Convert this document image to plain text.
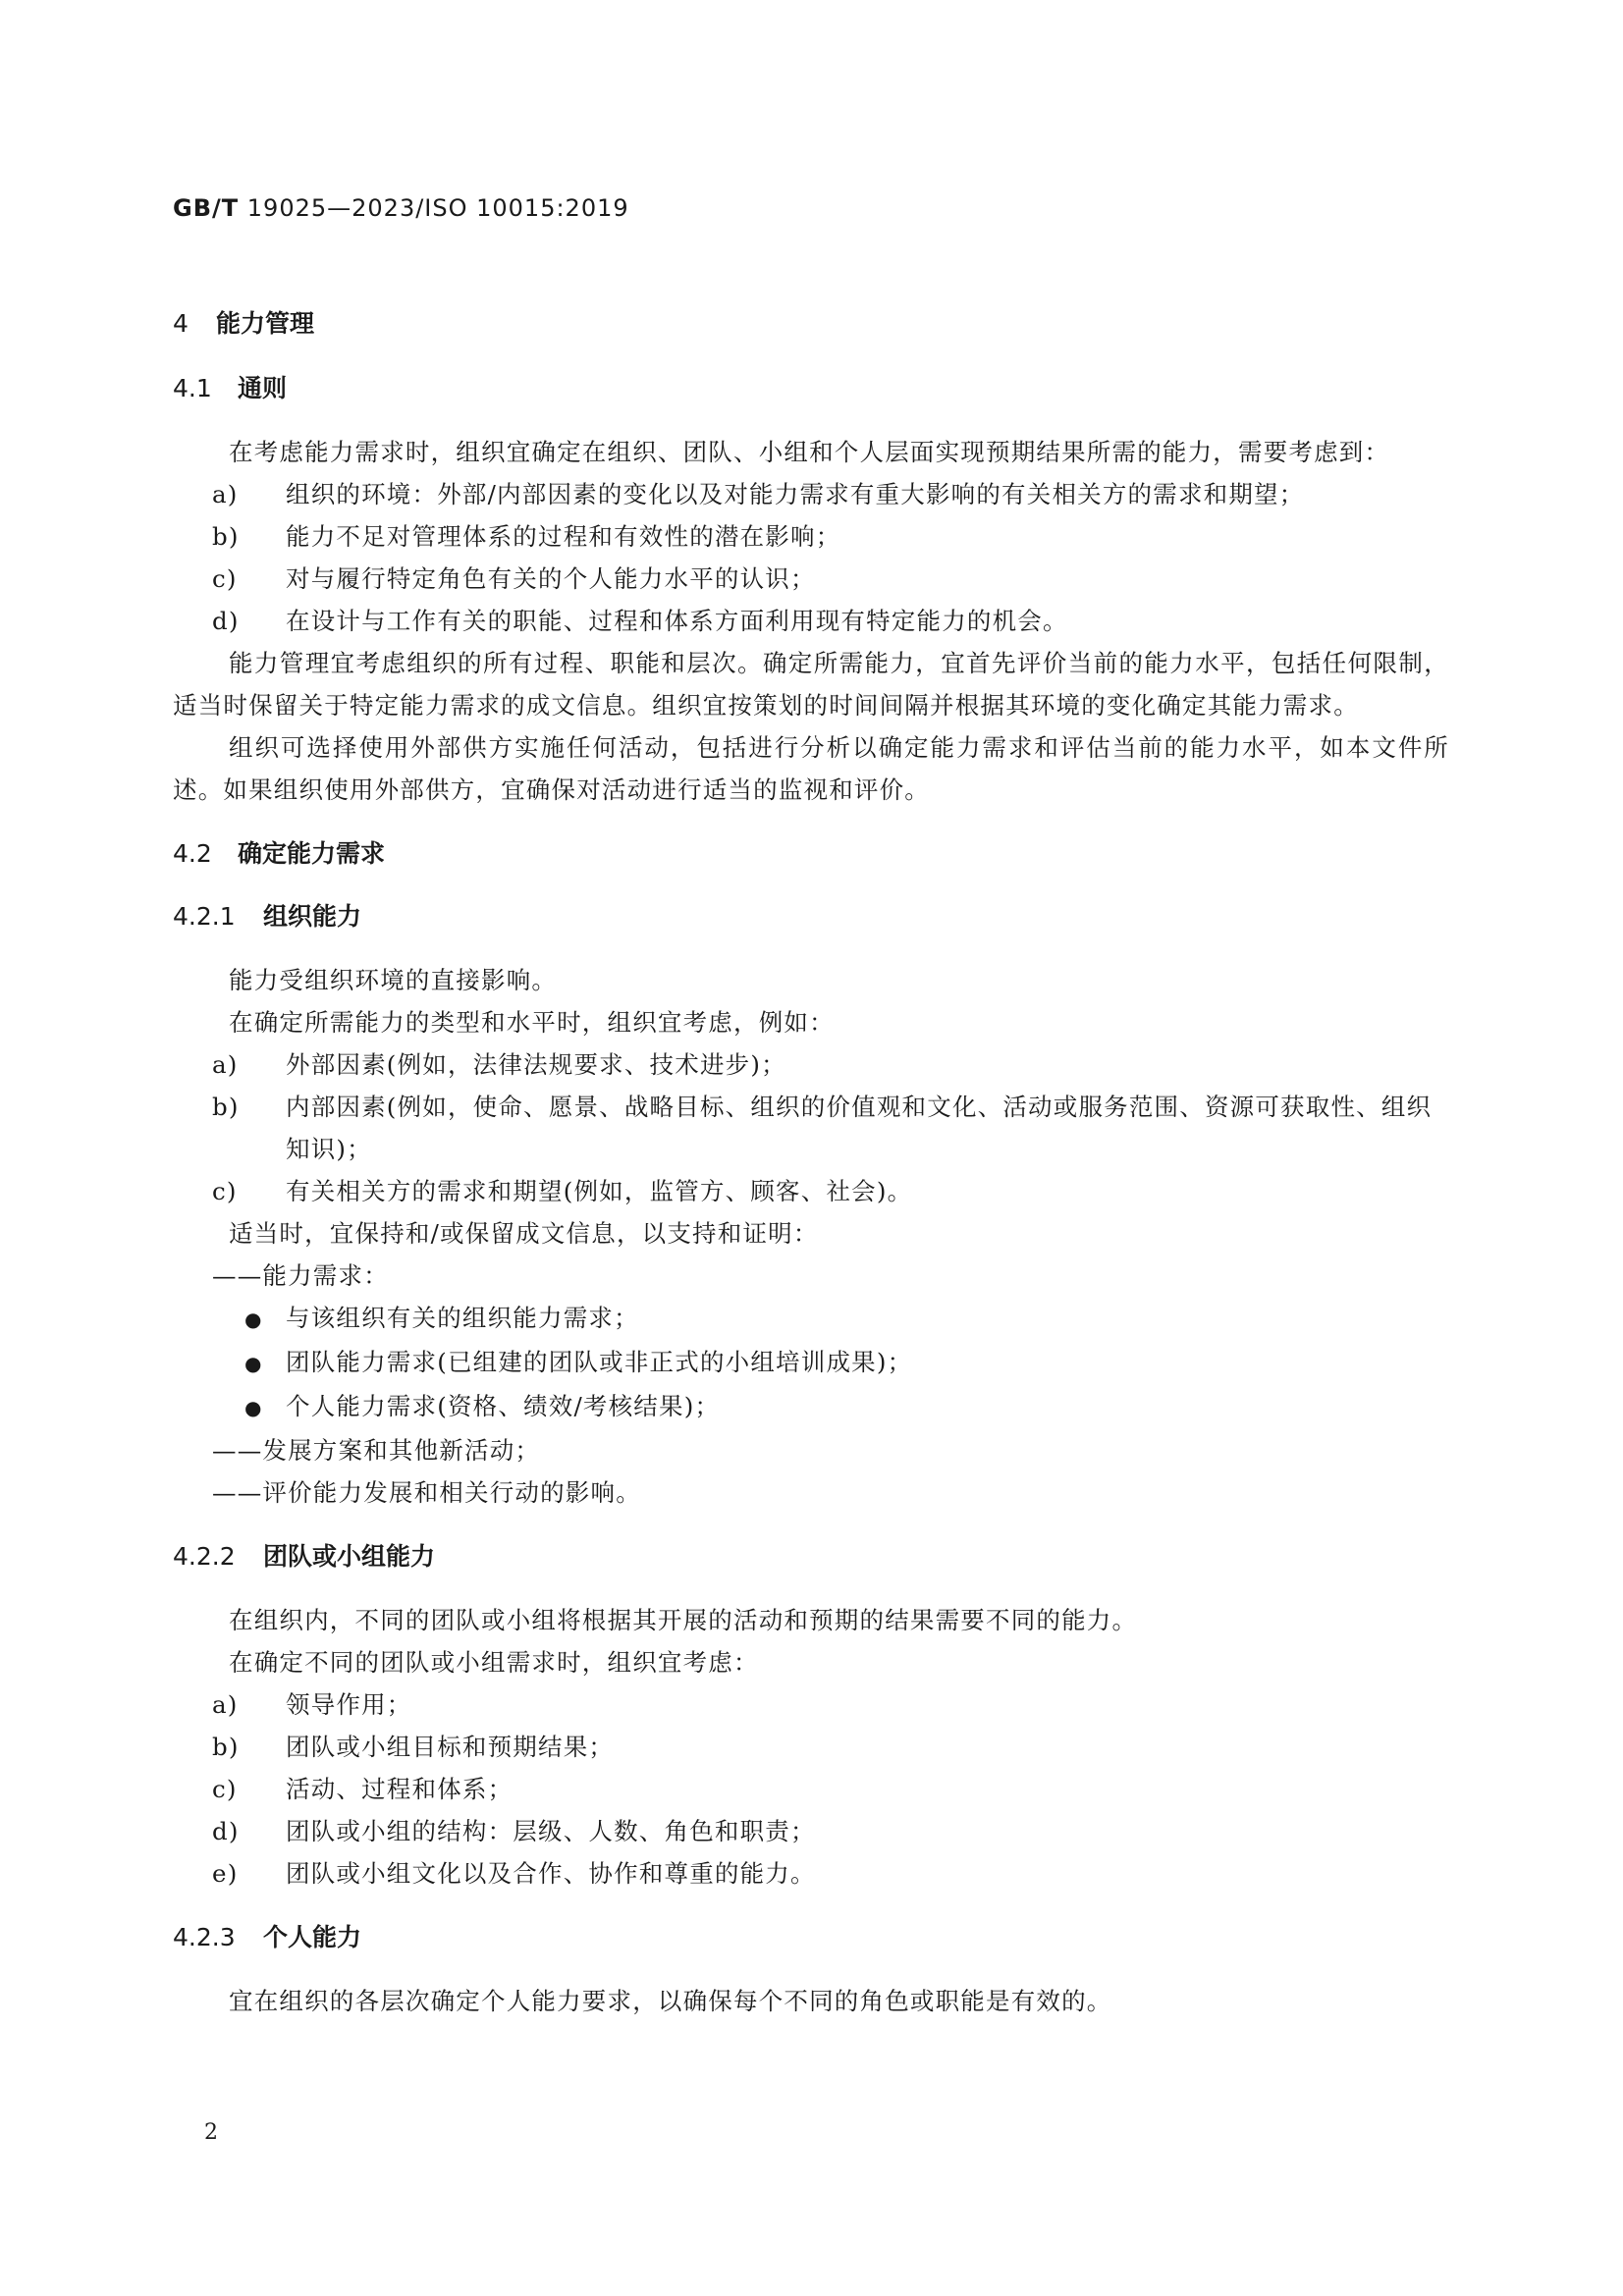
GB/T 19025—2023/ISO 10015:2019
4 能力管理
4.1 通则

在考虑能力需求时，组织宜确定在组织、团队、小组和个人层面实现预期结果所需的能力，需要考虑到：

a) 组织的环境：外部/内部因素的变化以及对能力需求有重大影响的有关相关方的需求和期望；

b) 能力不足对管理体系的过程和有效性的潜在影响；

c) 对与履行特定角色有关的个人能力水平的认识；

d) 在设计与工作有关的职能、过程和体系方面利用现有特定能力的机会。

能力管理宜考虑组织的所有过程、职能和层次。确定所需能力，宜首先评价当前的能力水平，包括任何限制，适当时保留关于特定能力需求的成文信息。组织宜按策划的时间间隔并根据其环境的变化确定其能力需求。

组织可选择使用外部供方实施任何活动，包括进行分析以确定能力需求和评估当前的能力水平，如本文件所述。如果组织使用外部供方，宜确保对活动进行适当的监视和评价。

4.2 确定能力需求
4.2.1 组织能力

能力受组织环境的直接影响。

在确定所需能力的类型和水平时，组织宜考虑，例如：

a) 外部因素(例如，法律法规要求、技术进步)；

b) 内部因素(例如，使命、愿景、战略目标、组织的价值观和文化、活动或服务范围、资源可获取性、组织知识)；

c) 有关相关方的需求和期望(例如，监管方、顾客、社会)。

适当时，宜保持和/或保留成文信息，以支持和证明：

——能力需求：

● 与该组织有关的组织能力需求；

● 团队能力需求(已组建的团队或非正式的小组培训成果)；

● 个人能力需求(资格、绩效/考核结果)；

——发展方案和其他新活动；

——评价能力发展和相关行动的影响。

4.2.2 团队或小组能力

在组织内，不同的团队或小组将根据其开展的活动和预期的结果需要不同的能力。

在确定不同的团队或小组需求时，组织宜考虑：

a) 领导作用；

b) 团队或小组目标和预期结果；

c) 活动、过程和体系；

d) 团队或小组的结构：层级、人数、角色和职责；

e) 团队或小组文化以及合作、协作和尊重的能力。

4.2.3 个人能力

宜在组织的各层次确定个人能力要求，以确保每个不同的角色或职能是有效的。

2
